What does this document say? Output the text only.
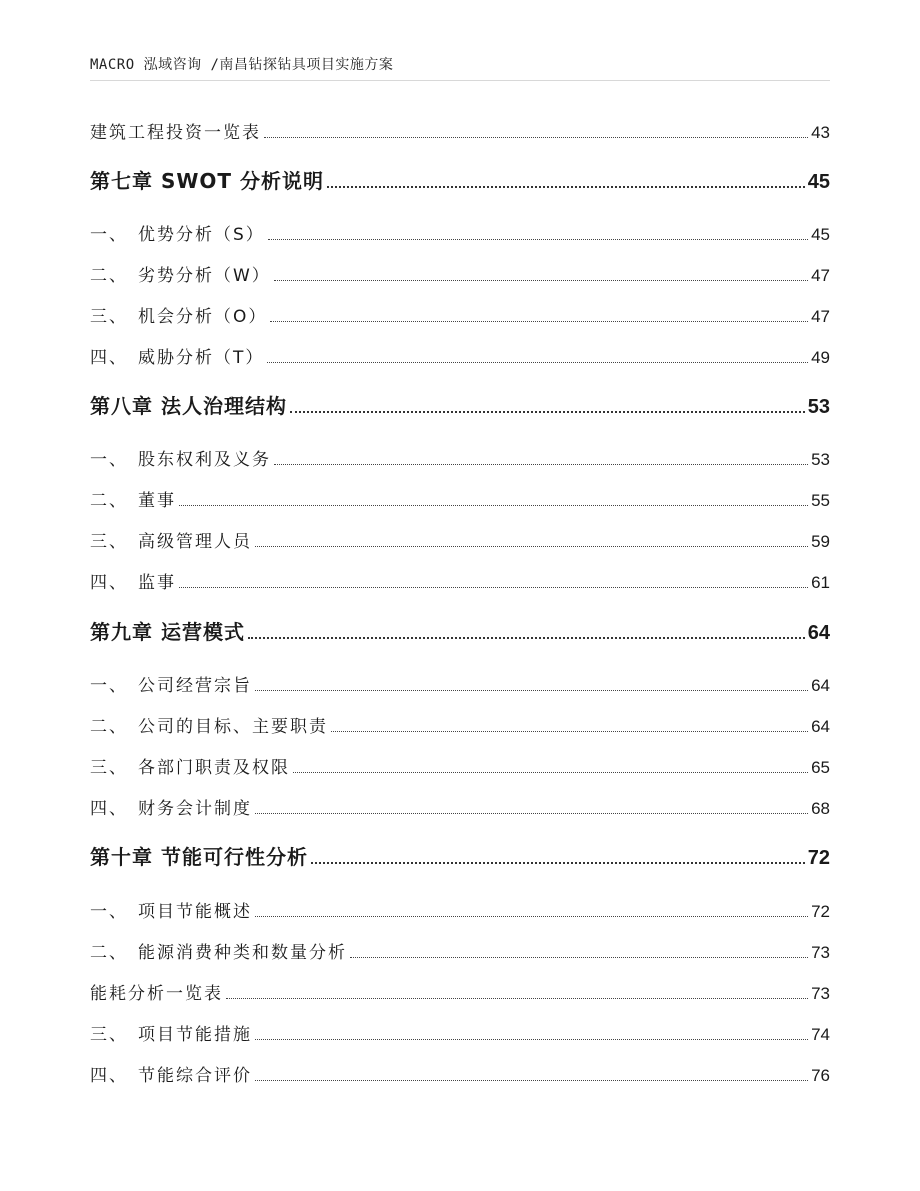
MACRO 泓域咨询 /南昌钻探钻具项目实施方案
建筑工程投资一览表	43
第七章 SWOT 分析说明	45
一、 优势分析（S）	45
二、 劣势分析（W）	47
三、 机会分析（O）	47
四、 威胁分析（T）	49
第八章 法人治理结构	53
一、 股东权利及义务	53
二、 董事	55
三、 高级管理人员	59
四、 监事	61
第九章 运营模式	64
一、 公司经营宗旨	64
二、 公司的目标、主要职责	64
三、 各部门职责及权限	65
四、 财务会计制度	68
第十章 节能可行性分析	72
一、 项目节能概述	72
二、 能源消费种类和数量分析	73
能耗分析一览表	73
三、 项目节能措施	74
四、 节能综合评价	76
